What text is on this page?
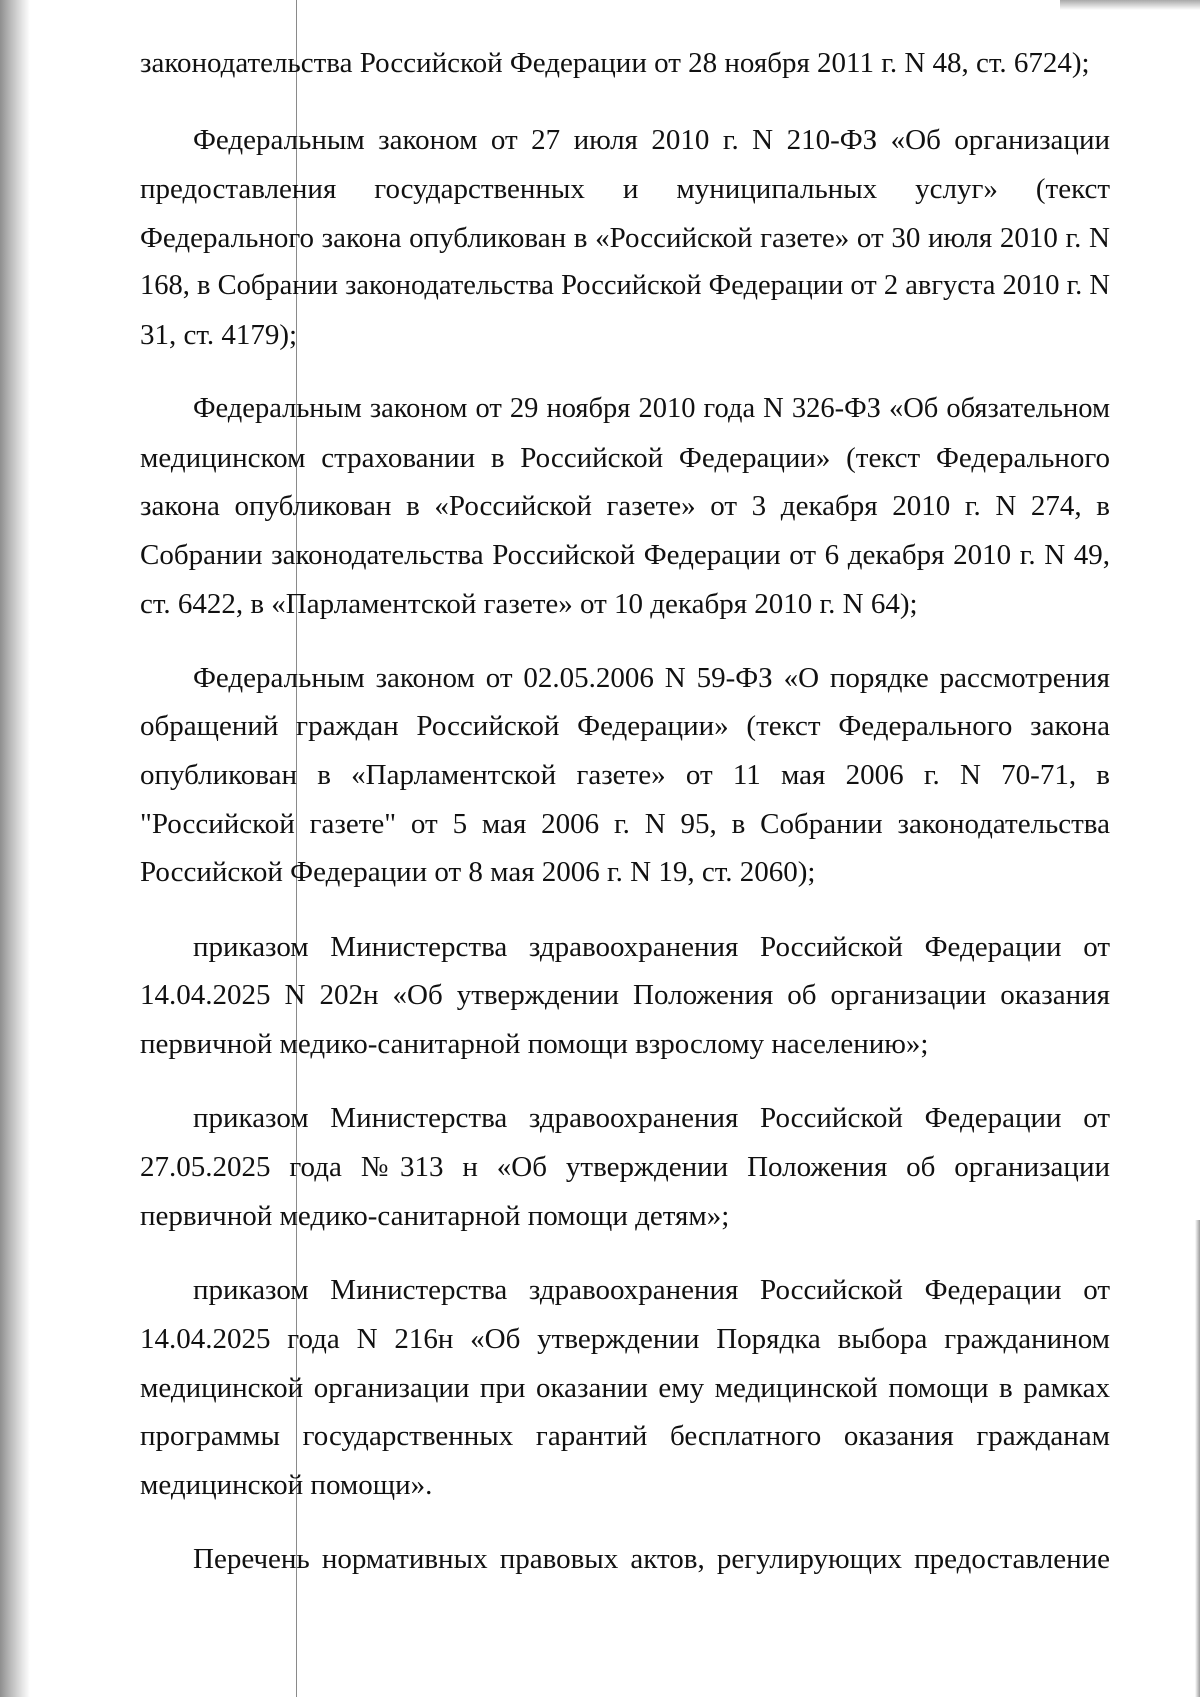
законодательства Российской Федерации от 28 ноября 2011 г. N 48, ст. 6724);
Федеральным законом от 27 июля 2010 г. N 210-ФЗ «Об организации
предоставления государственных и муниципальных услуг» (текст
Федерального закона опубликован в «Российской газете» от 30 июля 2010 г. N
168, в Собрании законодательства Российской Федерации от 2 августа 2010 г. N
31, ст. 4179);
Федеральным законом от 29 ноября 2010 года N 326-ФЗ «Об обязательном
медицинском страховании в Российской Федерации» (текст Федерального
закона опубликован в «Российской газете» от 3 декабря 2010 г. N 274, в
Собрании законодательства Российской Федерации от 6 декабря 2010 г. N 49,
ст. 6422, в «Парламентской газете» от 10 декабря 2010 г. N 64);
Федеральным законом от 02.05.2006 N 59-ФЗ «О порядке рассмотрения
обращений граждан Российской Федерации» (текст Федерального закона
опубликован в «Парламентской газете» от 11 мая 2006 г. N 70-71, в
"Российской газете" от 5 мая 2006 г. N 95, в Собрании законодательства
Российской Федерации от 8 мая 2006 г. N 19, ст. 2060);
приказом Министерства здравоохранения Российской Федерации от
14.04.2025 N 202н «Об утверждении Положения об организации оказания
первичной медико-санитарной помощи взрослому населению»;
приказом Министерства здравоохранения Российской Федерации от
27.05.2025 года №313 н «Об утверждении Положения об организации
первичной медико-санитарной помощи детям»;
приказом Министерства здравоохранения Российской Федерации от
14.04.2025 года N 216н «Об утверждении Порядка выбора гражданином
медицинской организации при оказании ему медицинской помощи в рамках
программы государственных гарантий бесплатного оказания гражданам
медицинской помощи».
Перечень нормативных правовых актов, регулирующих предоставление
